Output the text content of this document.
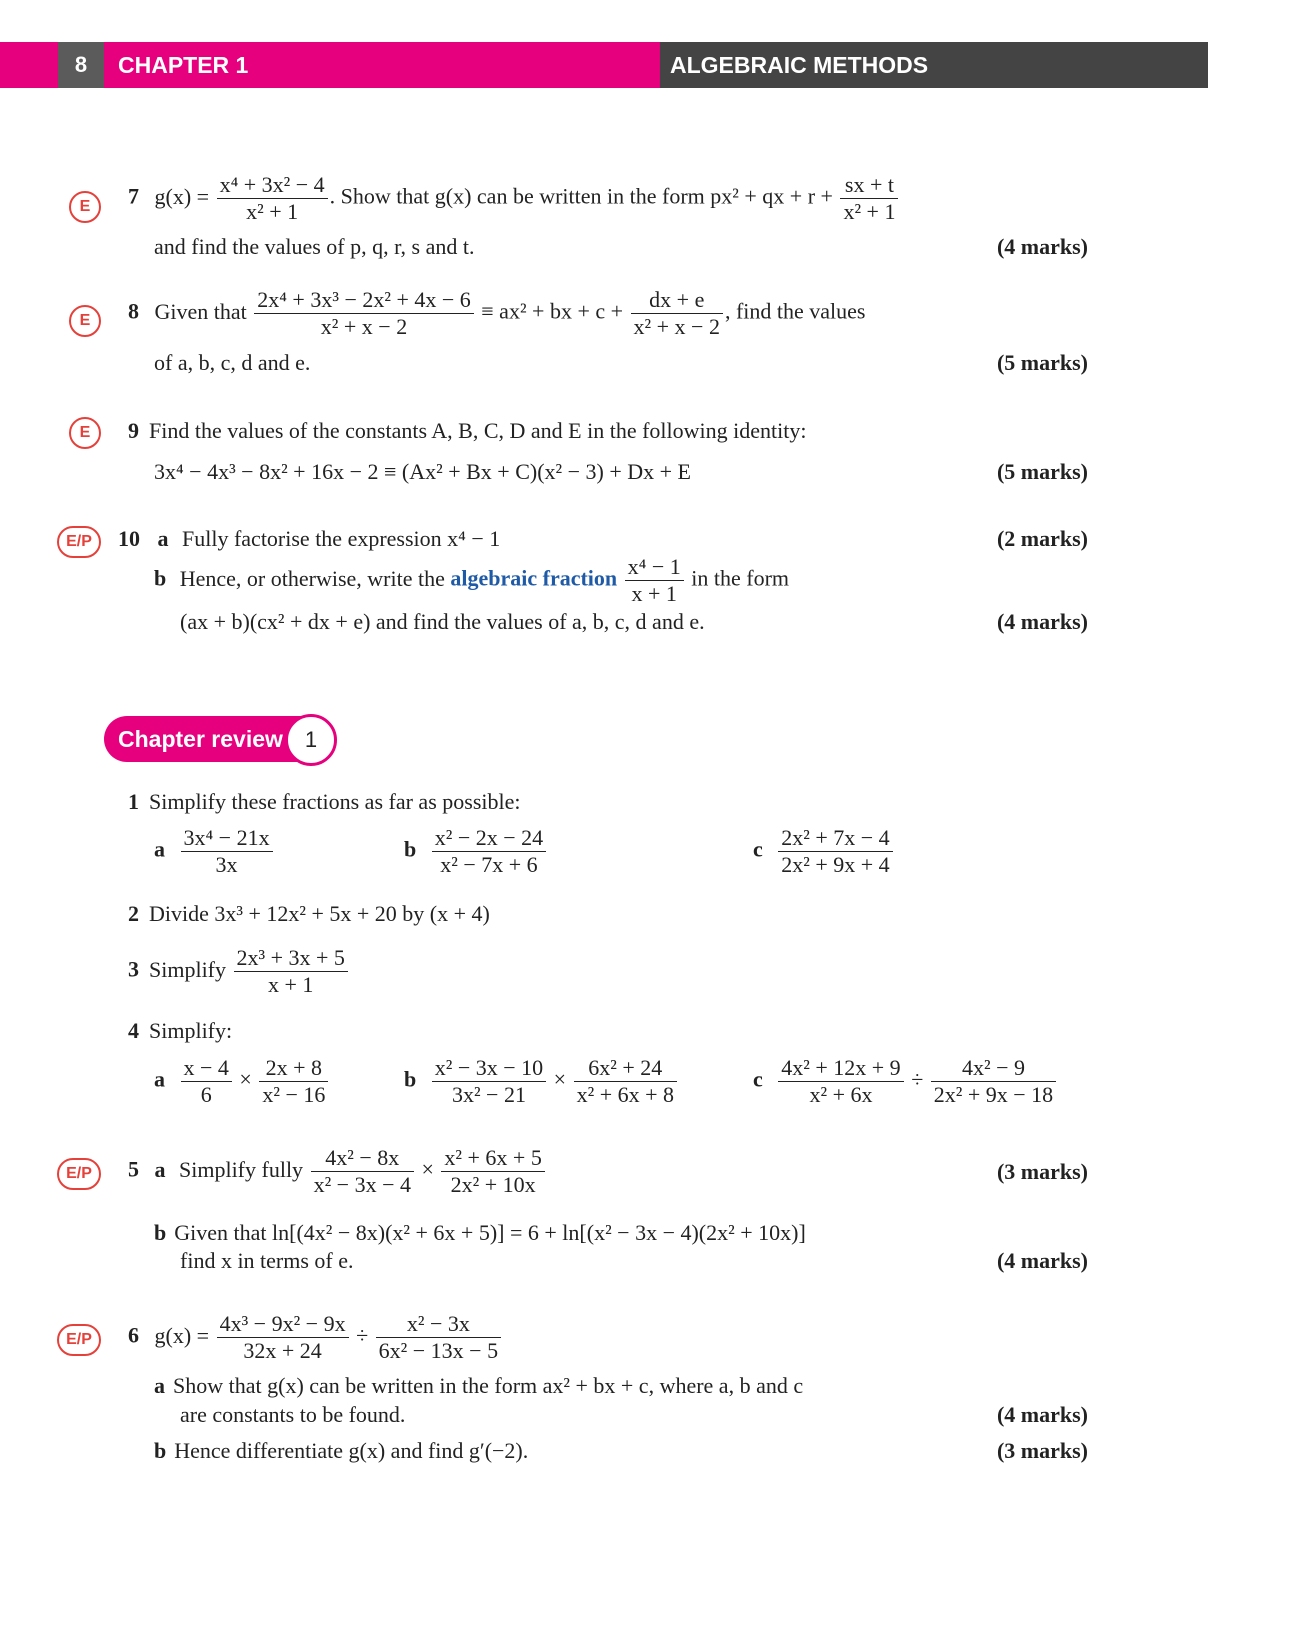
8	CHAPTER 1	ALGEBRAIC METHODS
E	7 $g(x) = \frac{\text{x⁴ + 3x² − 4}}{\text{x² + 1}}$ . Show that g(x) can be written in the form px² + qx + $r + \frac{sx + t}{\text{x² + 1}}$
and find the values of p, q, r, s and t.	(4 marks)
E	8 Given that $\frac{\text{2x⁴ + 3x³ − 2x² + 4x − 6}}{\text{x² + x − 2}} \equiv ax^2$ + bx + $c + \frac{dx + e}{\text{x² + x − 2}}$ , find the values
of a, b, c, d and e.	(5 marks)
E	9 Find the values of the constants A, B, C, D and E in the following identity:
3x⁴ − 4x³ − 8x² + 16x − 2 ≡ (Ax² + Bx + C)(x² − 3) + Dx + E	(5 marks)
E/P	10 a Fully factorise the expression x⁴ − 1	(2 marks)
b Hence, or otherwise, write the algebraic fraction $\frac{\text{x⁴ − 1}}{x + 1}$ in the form
(ax + b)(cx² + dx + e) and find the values of a, b, c, d and e.	(4 marks)
Chapter review 1
1 Simplify these fractions as far as possible:
a $\frac{\text{3x⁴ − 21x}}{3x}$	b $\frac{\text{x² − 2x − 24}}{\text{x² − 7x + 6}}$	c $\frac{\text{2x² + 7x − 4}}{\text{2x² + 9x + 4}}$
2 Divide 3x³ + 12x² + 5x + 20 by (x + 4)
3 Simplify $\frac{\text{2x³ + 3x + 5}}{x + 1}$
4 Simplify:
a $\frac{x - 4}{6} \times \frac{2x + 8}{\text{x² − 16}}$	b $\frac{\text{x² − 3x − 10}}{\text{3x² − 21}} \times \frac{\text{6x² + 24}}{\text{x² + 6x + 8}}$	c $\frac{\text{4x² + 12x + 9}}{\text{x² + 6x}} \div \frac{\text{4x² − 9}}{\text{2x² + 9x − 18}}$
E/P	5 a Simplify fully $\frac{\text{4x² − 8x}}{\text{x² − 3x − 4}} \times \frac{\text{x² + 6x + 5}}{\text{2x² + 10x}}$	(3 marks)
b Given that ln[(4x² − 8x)(x² + 6x + 5)] = 6 + ln[(x² − 3x − 4)(2x² + 10x)]
find x in terms of e.	(4 marks)
E/P	6 $g(x) = \frac{\text{4x³ − 9x² − 9x}}{32x + 24} \div \frac{\text{x² − 3x}}{\text{6x² − 13x − 5}}$
a Show that g(x) can be written in the form ax² + bx + c, where a, b and c
are constants to be found.	(4 marks)
b Hence differentiate g(x) and find g′(−2).	(3 marks)
